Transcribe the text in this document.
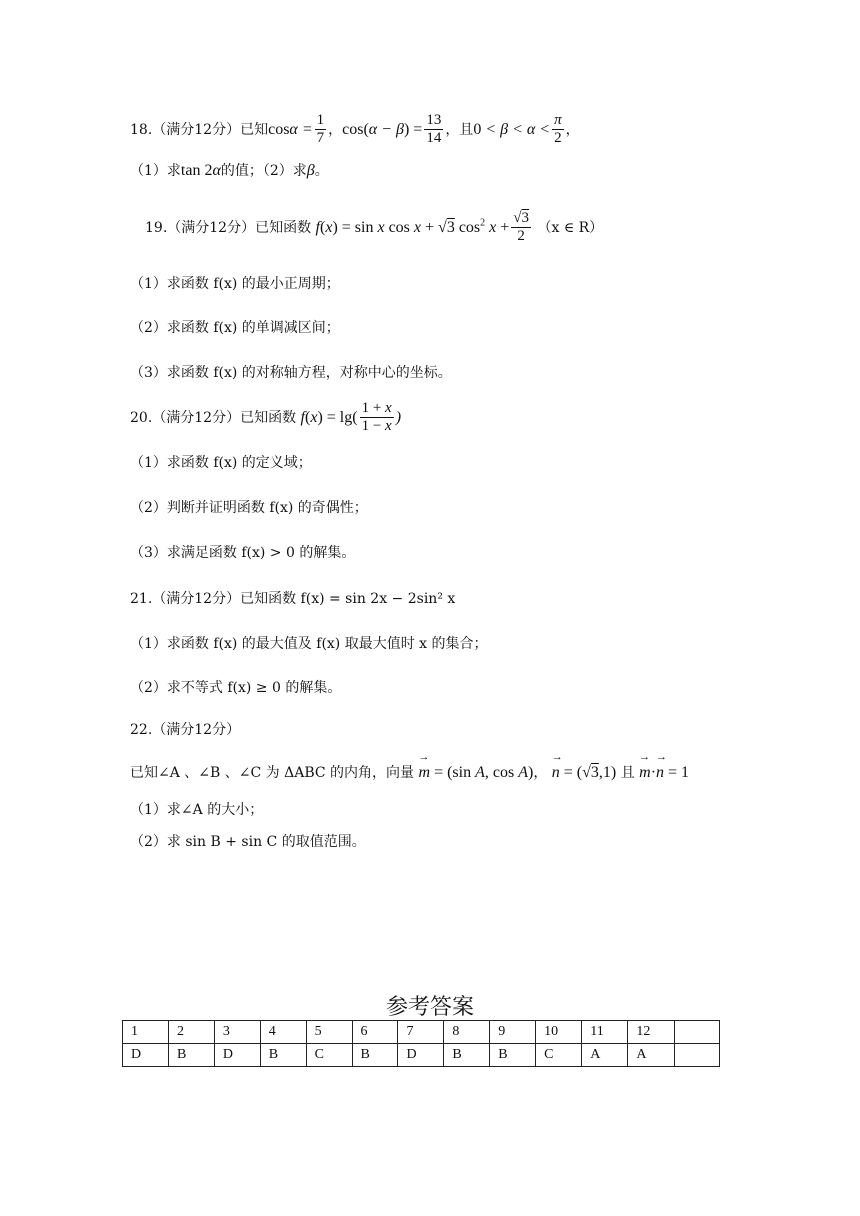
18.（满分12分）已知$\cos\alpha = \frac{1}{7}$ ，$\cos(\alpha - \beta) = \frac{13}{14}$ ，且$0 < \beta < \alpha < \frac{\pi}{2}$ ，
（1）求tan 2α的值；（2）求β。
19.（满分12分）已知函数 f(x) = sin x cos x + √3 $\cos^2 x + \frac{√3}{2} (x$ ∈ R）
（1）求函数 f(x) 的最小正周期；
（2）求函数 f(x) 的单调减区间；
（3）求函数 f(x) 的对称轴方程，对称中心的坐标。
20.（满分12分）已知函数 $f(x) = \lg( \frac{1 + x}{1 - x}$ )
（1）求函数 f(x) 的定义域；
（2）判断并证明函数 f(x) 的奇偶性；
（3）求满足函数 f(x) > 0 的解集。
21.（满分12分）已知函数 f(x) = sin 2x − 2sin² x
（1）求函数 f(x) 的最大值及 f(x) 取最大值时 x 的集合；
（2）求不等式 f(x) ≥ 0 的解集。
22.（满分12分）
已知∠A 、∠B 、∠C 为 ΔABC 的内角，向量 → m = (sin A, cos A)， → n = (√3,1) 且 → m·→ n = 1
（1）求∠A 的大小；
（2）求 sin B + sin C 的取值范围。
参考答案
1	2	3	4	5	6	7	8	9	10	11	12	
D	B	D	B	C	B	D	B	B	C	A	A	
